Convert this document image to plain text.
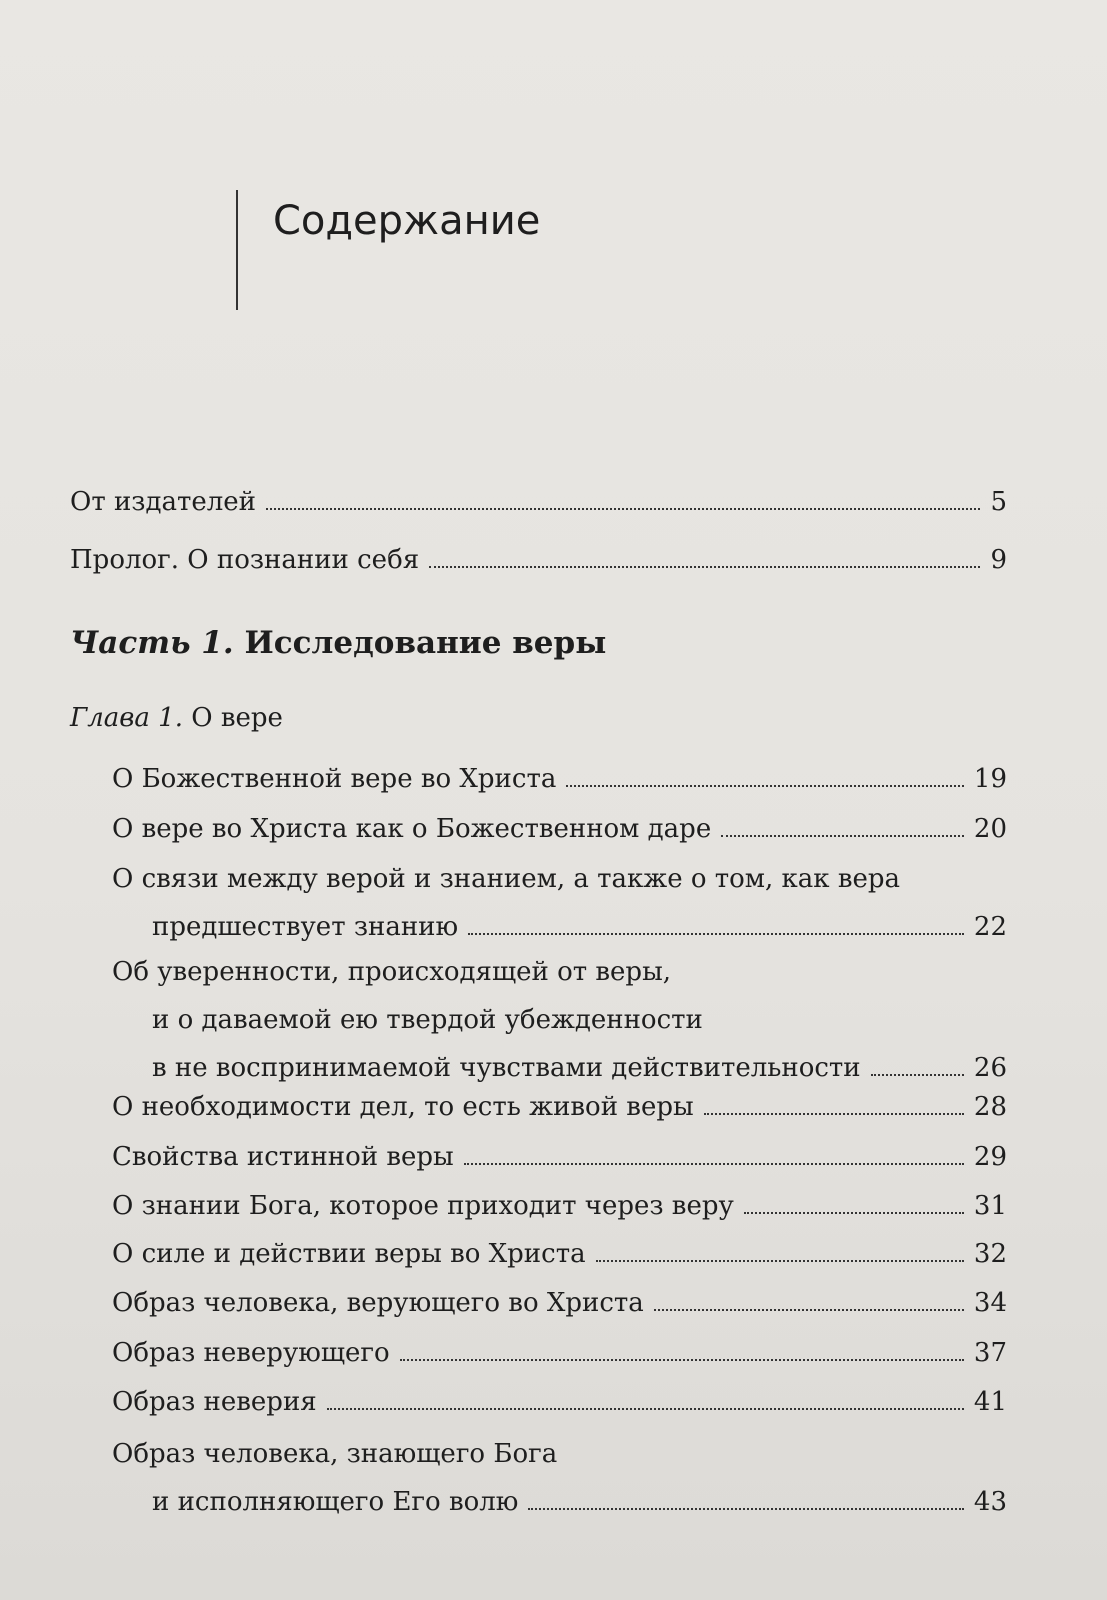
Содержание
От издателей	5
Пролог. О познании себя	9
Часть 1. Исследование веры
Глава 1. О вере
О Божественной вере во Христа	19
О вере во Христа как о Божественном даре	20
О связи между верой и знанием, а также о том, как вера
предшествует знанию	22
Об уверенности, происходящей от веры,
и о даваемой ею твердой убежденности
в не воспринимаемой чувствами действительности	26
О необходимости дел, то есть живой веры	28
Свойства истинной веры	29
О знании Бога, которое приходит через веру	31
О силе и действии веры во Христа	32
Образ человека, верующего во Христа	34
Образ неверующего	37
Образ неверия	41
Образ человека, знающего Бога
и исполняющего Его волю	43
